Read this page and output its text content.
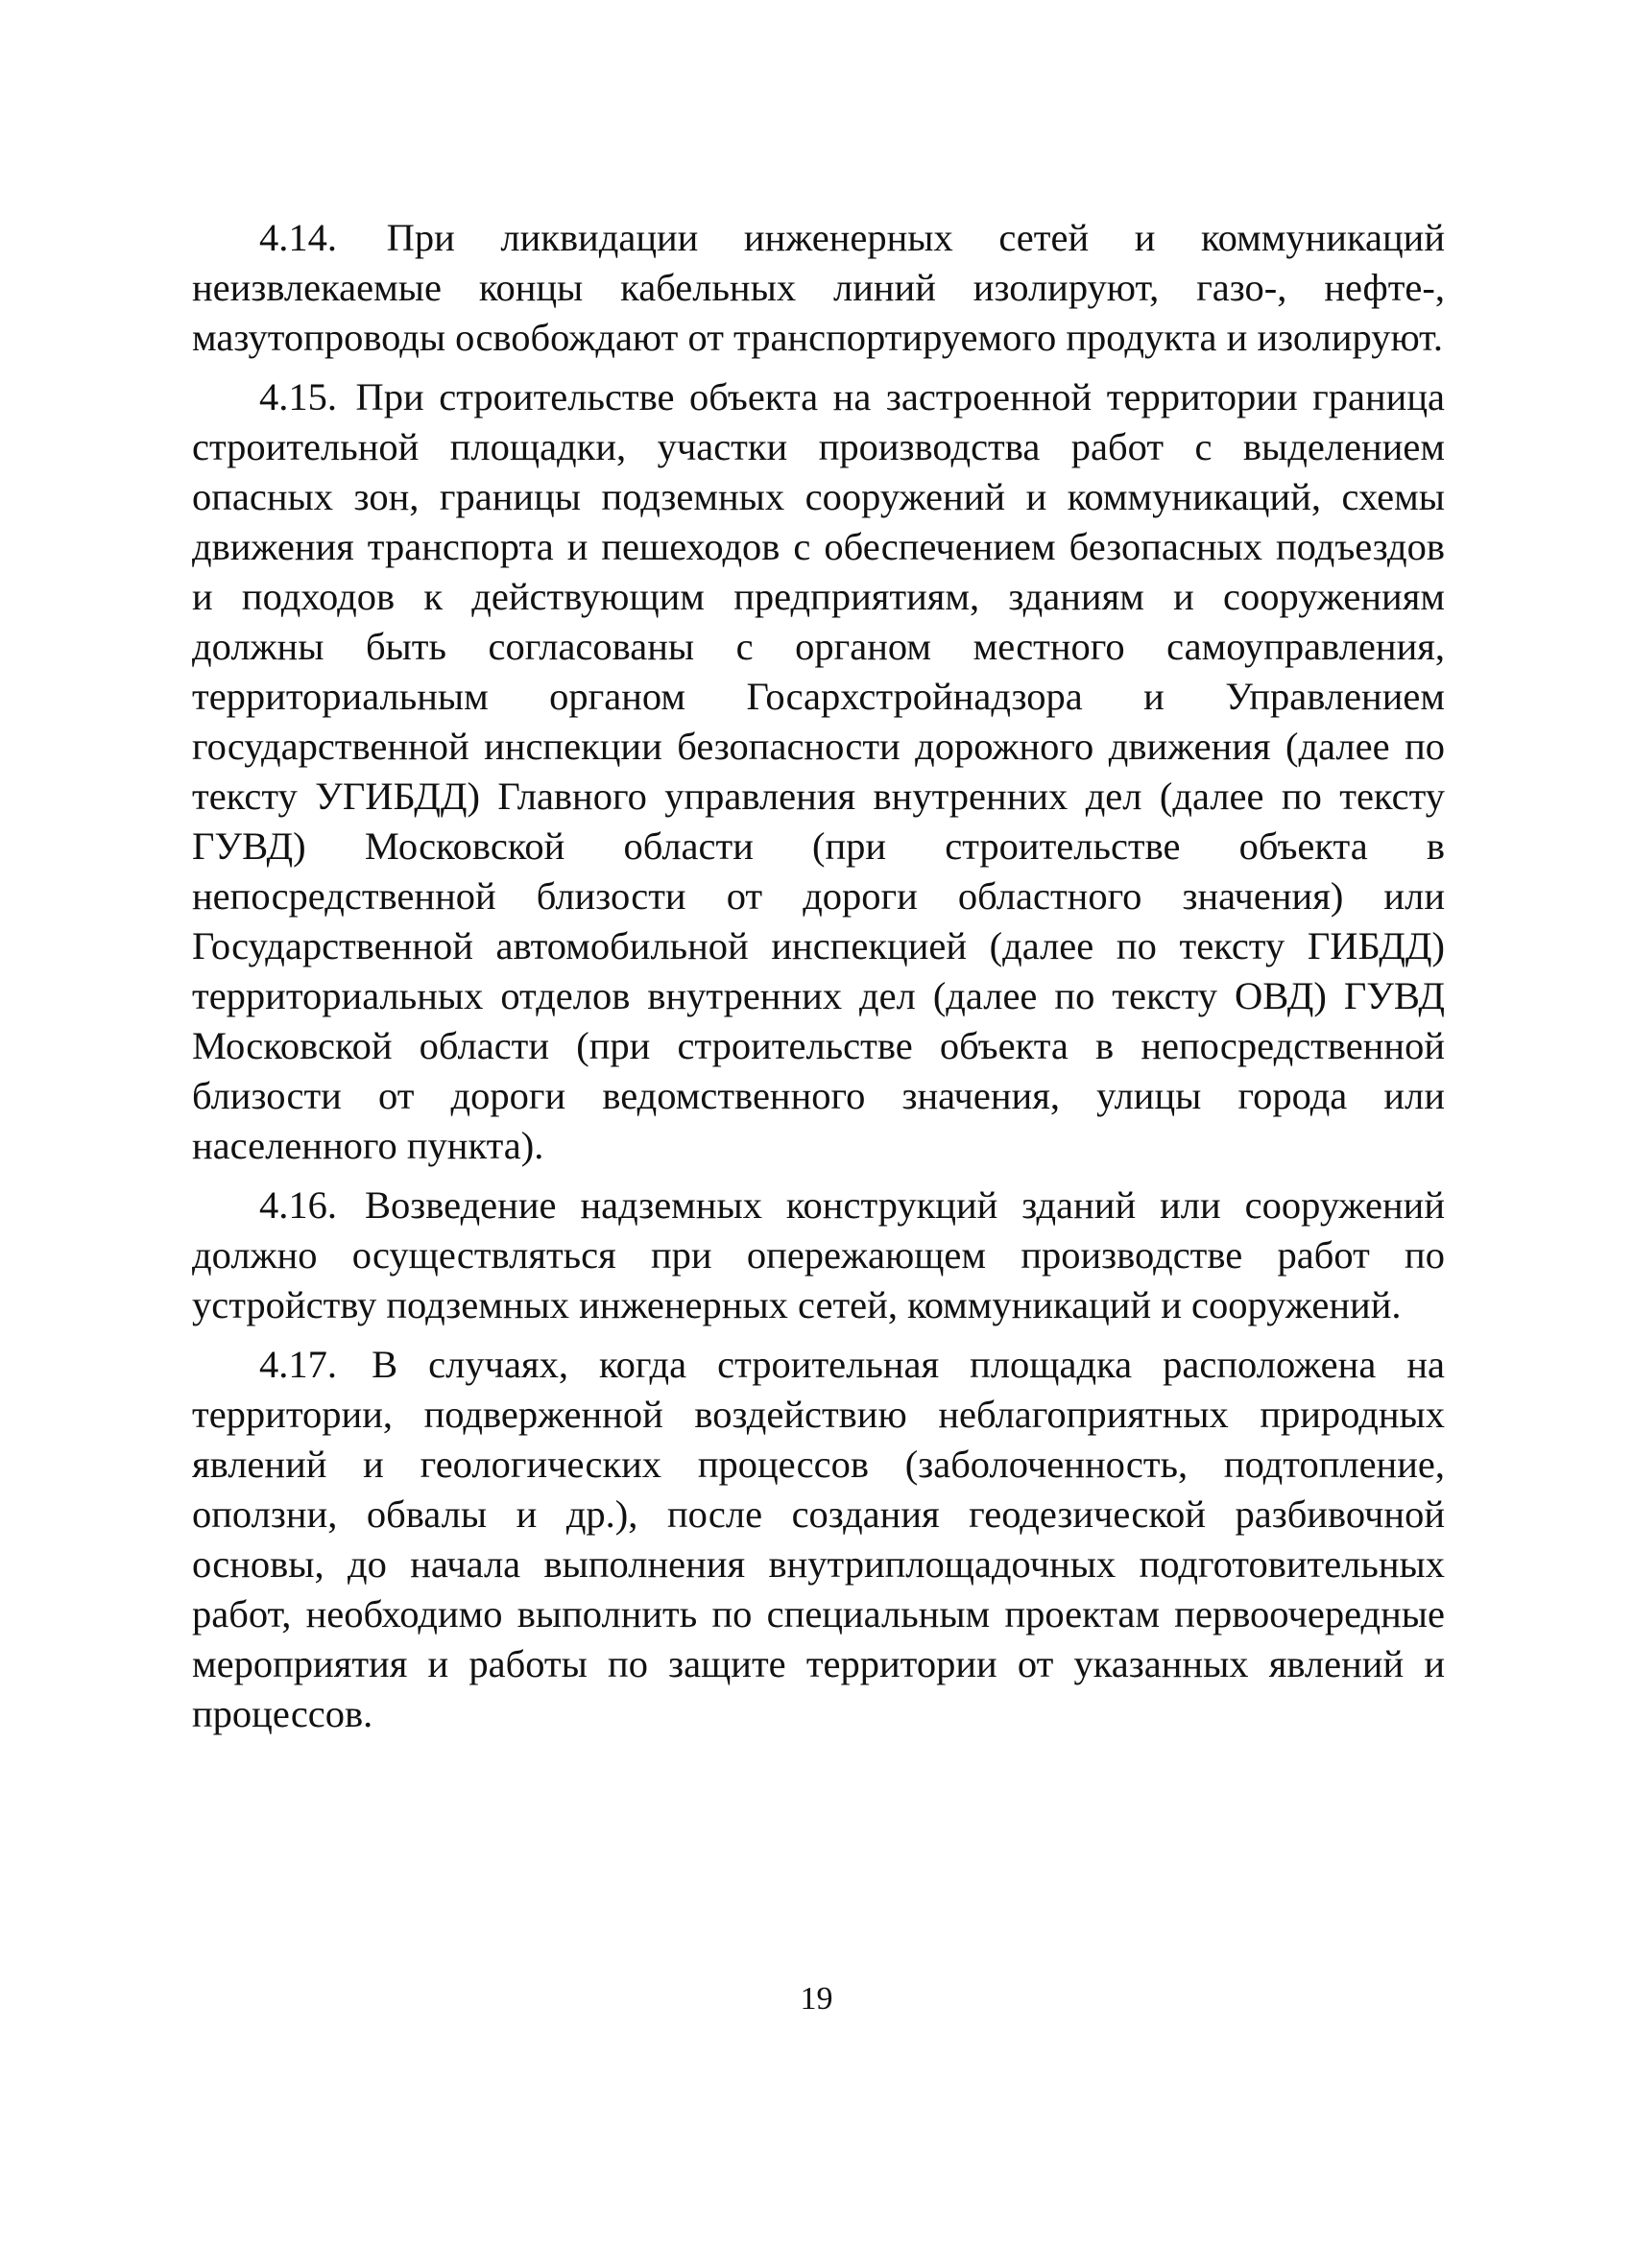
4.14. При ликвидации инженерных сетей и коммуникаций неизвлекаемые концы кабельных линий изолируют, газо-, нефте-, мазутопроводы освобождают от транспортируемого продукта и изолируют.

4.15. При строительстве объекта на застроенной территории граница строительной площадки, участки производства работ с выделением опасных зон, границы подземных сооружений и коммуникаций, схемы движения транспорта и пешеходов с обеспечением безопасных подъездов и подходов к действующим предприятиям, зданиям и сооружениям должны быть согласованы с органом местного самоуправления, территориальным органом Госархстройнадзора и Управлением государственной инспекции безопасности дорожного движения (далее по тексту УГИБДД) Главного управления внутренних дел (далее по тексту ГУВД) Московской области (при строительстве объекта в непосредственной близости от дороги областного значения) или Государственной автомобильной инспекцией (далее по тексту ГИБДД) территориальных отделов внутренних дел (далее по тексту ОВД) ГУВД Московской области (при строительстве объекта в непосредственной близости от дороги ведомственного значения, улицы города или населенного пункта).

4.16. Возведение надземных конструкций зданий или сооружений должно осуществляться при опережающем производстве работ по устройству подземных инженерных сетей, коммуникаций и сооружений.

4.17. В случаях, когда строительная площадка расположена на территории, подверженной воздействию неблагоприятных природных явлений и геологических процессов (заболоченность, подтопление, оползни, обвалы и др.), после создания геодезической разбивочной основы, до начала выполнения внутриплощадочных подготовительных работ, необходимо выполнить по специальным проектам первоочередные мероприятия и работы по защите территории от указанных явлений и процессов.

19
